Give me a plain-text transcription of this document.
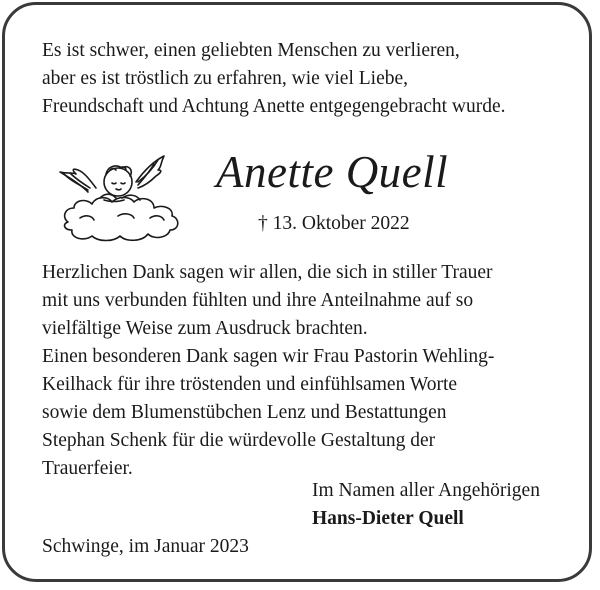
Es ist schwer, einen geliebten Menschen zu verlieren,
aber es ist tröstlich zu erfahren, wie viel Liebe,
Freundschaft und Achtung Anette entgegengebracht wurde.
Anette Quell
† 13. Oktober 2022
Herzlichen Dank sagen wir allen, die sich in stiller Trauer
mit uns verbunden fühlten und ihre Anteilnahme auf so
vielfältige Weise zum Ausdruck brachten.
Einen besonderen Dank sagen wir Frau Pastorin Wehling-
Keilhack für ihre tröstenden und einfühlsamen Worte
sowie dem Blumenstübchen Lenz und Bestattungen
Stephan Schenk für die würdevolle Gestaltung der
Trauerfeier.
Im Namen aller Angehörigen
Hans-Dieter Quell
Schwinge, im Januar 2023
